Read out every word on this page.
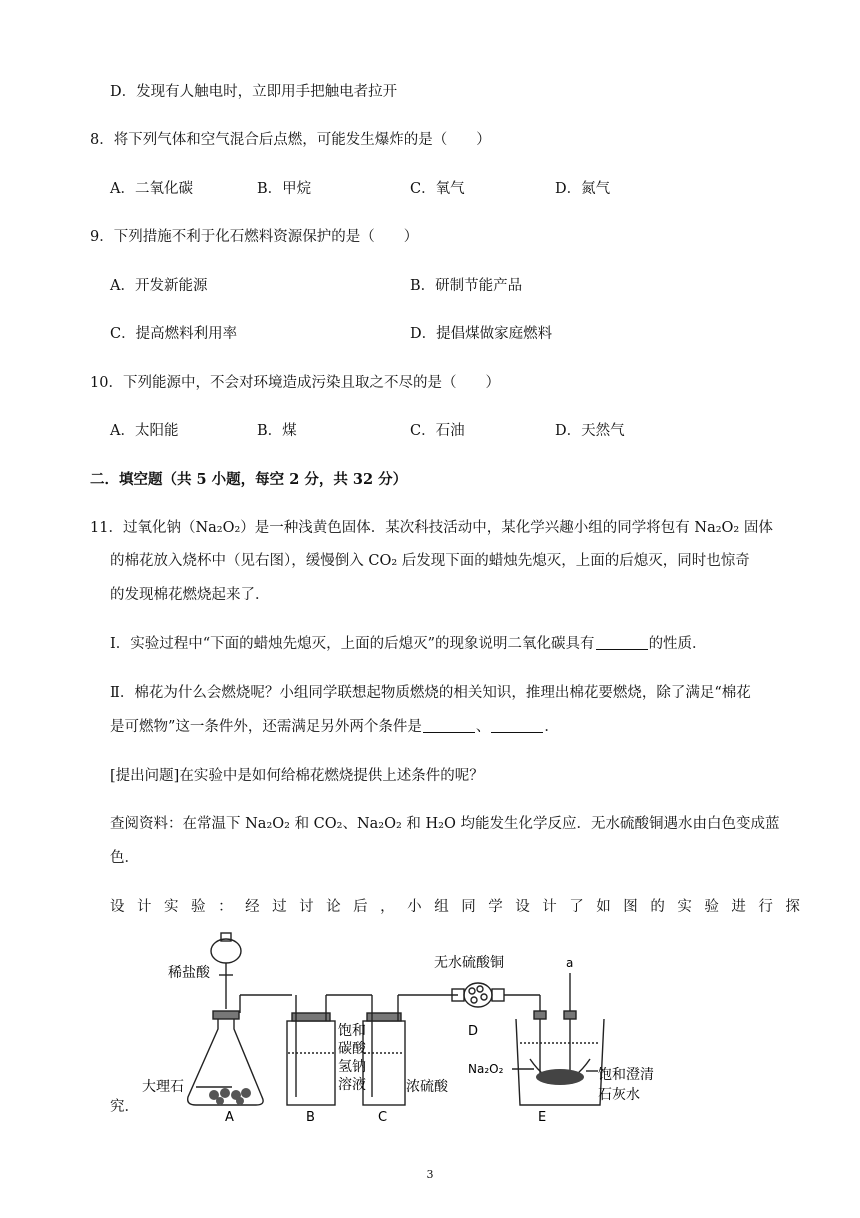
D．发现有人触电时，立即用手把触电者拉开
8．将下列气体和空气混合后点燃，可能发生爆炸的是（　　）
A．二氧化碳	B．甲烷	C．氧气	D．氮气
9．下列措施不利于化石燃料资源保护的是（　　）
A．开发新能源	B．研制节能产品
C．提高燃料利用率	D．提倡煤做家庭燃料
10．下列能源中，不会对环境造成污染且取之不尽的是（　　）
A．太阳能	B．煤	C．石油	D．天然气
二．填空题（共 5 小题，每空 2 分，共 32 分）
11．过氧化钠（Na₂O₂）是一种浅黄色固体．某次科技活动中，某化学兴趣小组的同学将包有 Na₂O₂ 固体
的棉花放入烧杯中（见右图），缓慢倒入 CO₂ 后发现下面的蜡烛先熄灭，上面的后熄灭，同时也惊奇
的发现棉花燃烧起来了．
Ⅰ．实验过程中“下面的蜡烛先熄灭，上面的后熄灭”的现象说明二氧化碳具有	的性质．
Ⅱ．棉花为什么会燃烧呢？小组同学联想起物质燃烧的相关知识，推理出棉花要燃烧，除了满足“棉花
是可燃物”这一条件外，还需满足另外两个条件是	、	．
[提出问题]在实验中是如何给棉花燃烧提供上述条件的呢？
查阅资料：在常温下 Na₂O₂ 和 CO₂、Na₂O₂ 和 H₂O 均能发生化学反应．无水硫酸铜遇水由白色变成蓝
色．
设 计 实 验 ： 经 过 讨 论 后 ， 小 组 同 学 设 计 了 如 图 的 实 验 进 行 探
究．
稀盐酸
大理石
饱和
碳酸
氢钠
溶液	浓硫酸
无水硫酸铜
Na₂O₂	饱和澄清
石灰水
a
A	B	C
D
E
3
